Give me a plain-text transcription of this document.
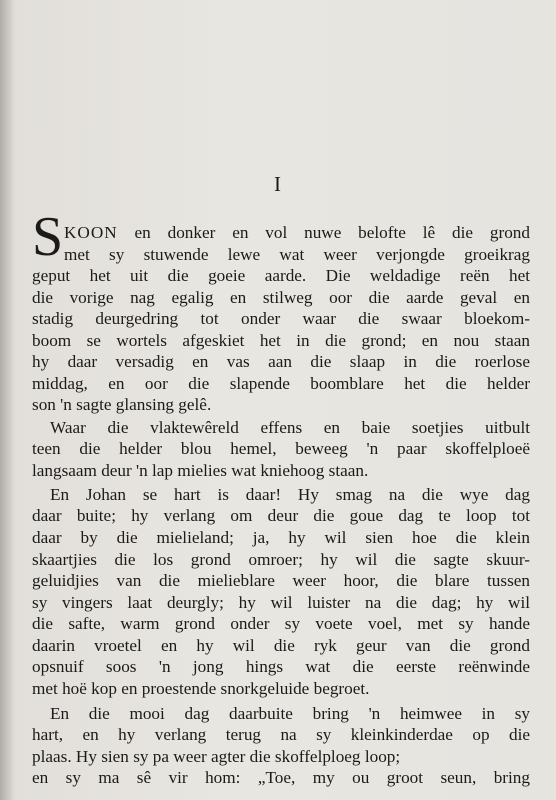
I
S KOON en donker en vol nuwe belofte lê die grond
met sy stuwende lewe wat weer verjongde groeikrag
geput het uit die goeie aarde. Die weldadige reën het
die vorige nag egalig en stilweg oor die aarde geval en
stadig deurgedring tot onder waar die swaar bloekom-
boom se wortels afgeskiet het in die grond; en nou staan
hy daar versadig en vas aan die slaap in die roerlose
middag, en oor die slapende boomblare het die helder
son 'n sagte glansing gelê.
Waar die vlaktewêreld effens en baie soetjies uitbult
teen die helder blou hemel, beweeg 'n paar skoffelploeë
langsaam deur 'n lap mielies wat kniehoog staan.
En Johan se hart is daar! Hy smag na die wye dag
daar buite; hy verlang om deur die goue dag te loop tot
daar by die mielieland; ja, hy wil sien hoe die klein
skaartjies die los grond omroer; hy wil die sagte skuur-
geluidjies van die mielieblare weer hoor, die blare tussen
sy vingers laat deurgly; hy wil luister na die dag; hy wil
die safte, warm grond onder sy voete voel, met sy hande
daarin vroetel en hy wil die ryk geur van die grond
opsnuif soos 'n jong hings wat die eerste reënwinde
met hoë kop en proestende snorkgeluide begroet.
En die mooi dag daarbuite bring 'n heimwee in sy
hart, en hy verlang terug na sy kleinkinderdae op die
plaas. Hy sien sy pa weer agter die skoffelploeg loop;
en sy ma sê vir hom: „Toe, my ou groot seun, bring
